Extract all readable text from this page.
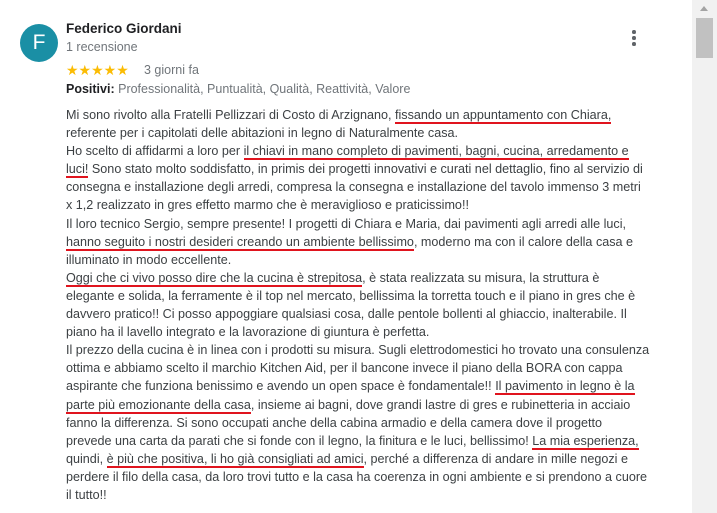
F
Federico Giordani
1 recensione
★★★★★ 3 giorni fa
Positivi: Professionalità, Puntualità, Qualità, Reattività, Valore

Mi sono rivolto alla Fratelli Pellizzari di Costo di Arzignano, fissando un appuntamento con Chiara,

referente per i capitolati delle abitazioni in legno di Naturalmente casa.

Ho scelto di affidarmi a loro per il chiavi in mano completo di pavimenti, bagni, cucina, arredamento e

luci! Sono stato molto soddisfatto, in primis dei progetti innovativi e curati nel dettaglio, fino al servizio di

consegna e installazione degli arredi, compresa la consegna e installazione del tavolo immenso 3 metri

x 1,2 realizzato in gres effetto marmo che è meraviglioso e praticissimo!!

Il loro tecnico Sergio, sempre presente! I progetti di Chiara e Maria, dai pavimenti agli arredi alle luci,

hanno seguito i nostri desideri creando un ambiente bellissimo, moderno ma con il calore della casa e

illuminato in modo eccellente.

Oggi che ci vivo posso dire che la cucina è strepitosa, è stata realizzata su misura, la struttura è

elegante e solida, la ferramente è il top nel mercato, bellissima la torretta touch e il piano in gres che è

davvero pratico!! Ci posso appoggiare qualsiasi cosa, dalle pentole bollenti al ghiaccio, inalterabile. Il

piano ha il lavello integrato e la lavorazione di giuntura è perfetta.

Il prezzo della cucina è in linea con i prodotti su misura. Sugli elettrodomestici ho trovato una consulenza

ottima e abbiamo scelto il marchio Kitchen Aid, per il bancone invece il piano della BORA con cappa

aspirante che funziona benissimo e avendo un open space è fondamentale!! Il pavimento in legno è la

parte più emozionante della casa, insieme ai bagni, dove grandi lastre di gres e rubinetteria in acciaio

fanno la differenza. Si sono occupati anche della cabina armadio e della camera dove il progetto

prevede una carta da parati che si fonde con il legno, la finitura e le luci, bellissimo! La mia esperienza,

quindi, è più che positiva, li ho già consigliati ad amici, perché a differenza di andare in mille negozi e

perdere il filo della casa, da loro trovi tutto e la casa ha coerenza in ogni ambiente e si prendono a cuore

il tutto!!
